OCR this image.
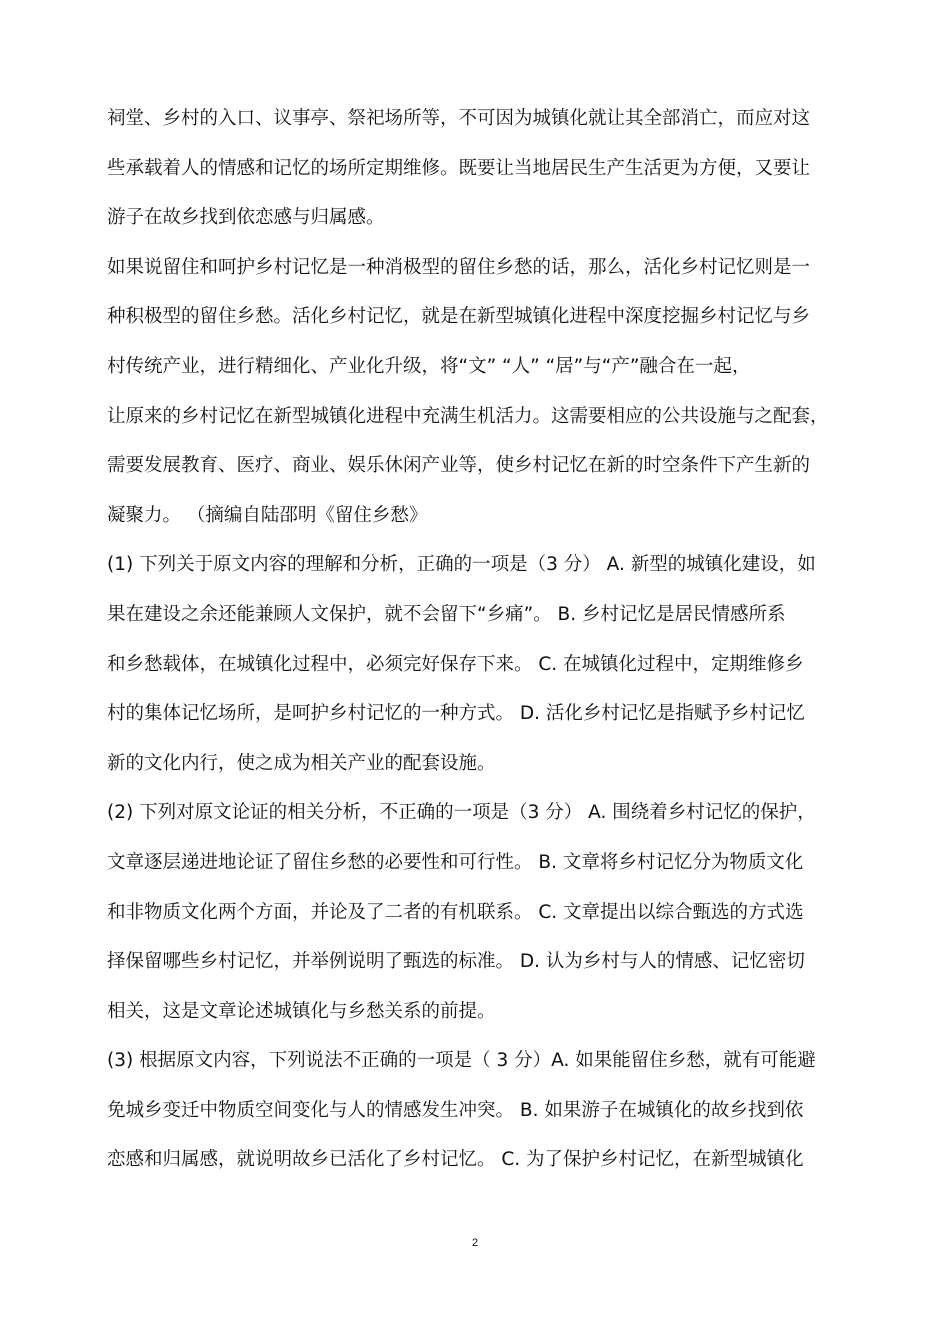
祠堂、乡村的入口、议事亭、祭祀场所等，不可因为城镇化就让其全部消亡，而应对这
些承载着人的情感和记忆的场所定期维修。既要让当地居民生产生活更为方便，又要让
游子在故乡找到依恋感与归属感。
如果说留住和呵护乡村记忆是一种消极型的留住乡愁的话，那么，活化乡村记忆则是一
种积极型的留住乡愁。活化乡村记忆，就是在新型城镇化进程中深度挖掘乡村记忆与乡
村传统产业，进行精细化、产业化升级，将“文” “人” “居”与“产”融合在一起，
让原来的乡村记忆在新型城镇化进程中充满生机活力。这需要相应的公共设施与之配套，
需要发展教育、医疗、商业、娱乐休闲产业等，使乡村记忆在新的时空条件下产生新的
凝聚力。 （摘编自陆邵明《留住乡愁》
(1) 下列关于原文内容的理解和分析，正确的一项是（3 分） A. 新型的城镇化建设，如
果在建设之余还能兼顾人文保护，就不会留下“乡痛”。 B. 乡村记忆是居民情感所系
和乡愁载体，在城镇化过程中，必须完好保存下来。 C. 在城镇化过程中，定期维修乡
村的集体记忆场所，是呵护乡村记忆的一种方式。 D. 活化乡村记忆是指赋予乡村记忆
新的文化内行，使之成为相关产业的配套设施。
(2) 下列对原文论证的相关分析，不正确的一项是（3 分） A. 围绕着乡村记忆的保护，
文章逐层递进地论证了留住乡愁的必要性和可行性。 B. 文章将乡村记忆分为物质文化
和非物质文化两个方面，并论及了二者的有机联系。 C. 文章提出以综合甄选的方式选
择保留哪些乡村记忆，并举例说明了甄选的标准。 D. 认为乡村与人的情感、记忆密切
相关，这是文章论述城镇化与乡愁关系的前提。
(3) 根据原文内容，下列说法不正确的一项是（ 3 分）A. 如果能留住乡愁，就有可能避
免城乡变迁中物质空间变化与人的情感发生冲突。 B. 如果游子在城镇化的故乡找到依
恋感和归属感，就说明故乡已活化了乡村记忆。 C. 为了保护乡村记忆，在新型城镇化
2
